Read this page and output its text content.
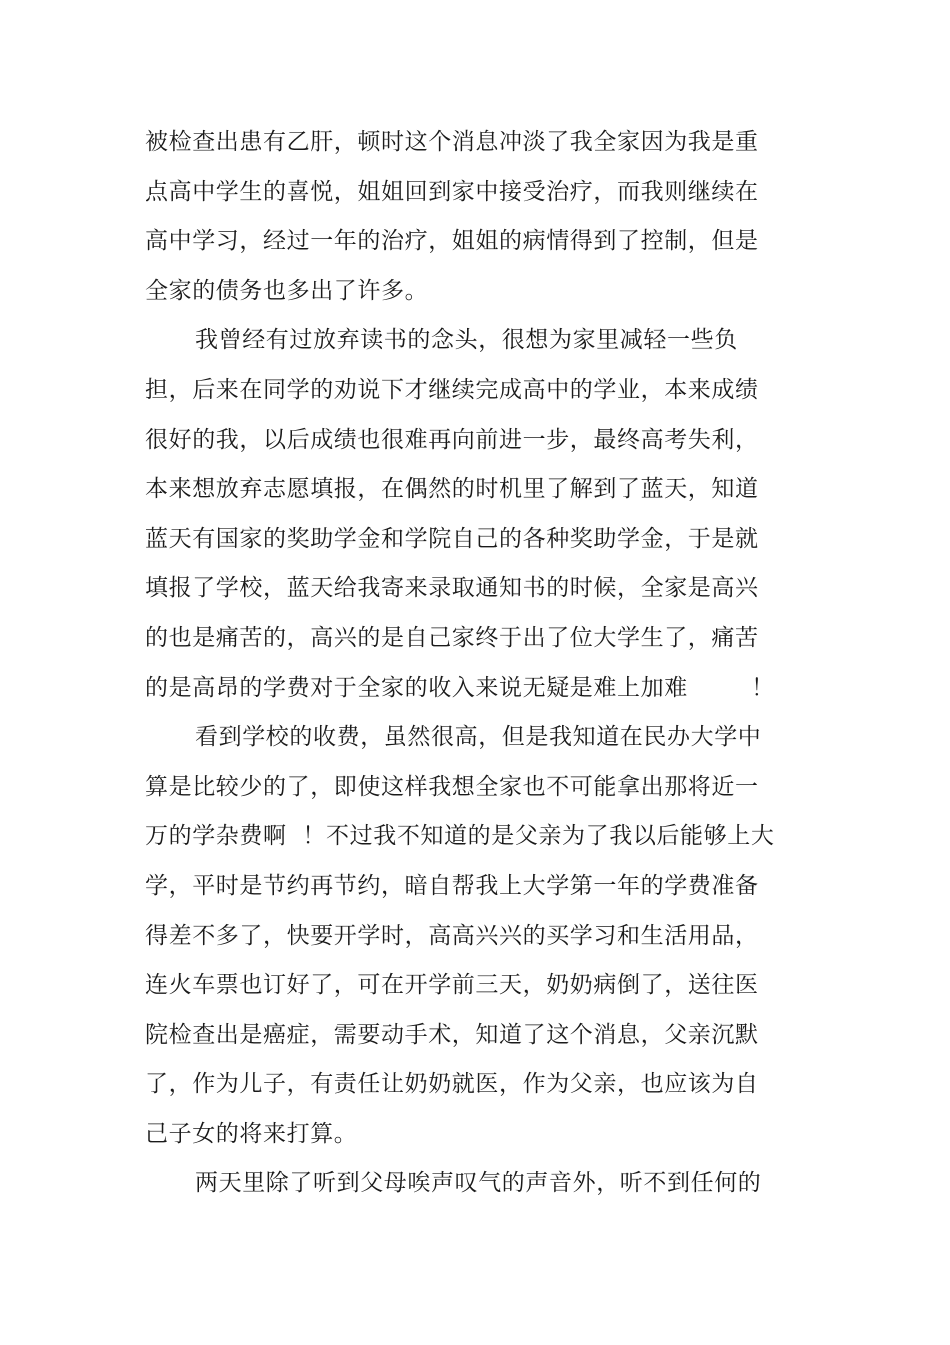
被检查出患有乙肝，顿时这个消息冲淡了我全家因为我是重
点高中学生的喜悦，姐姐回到家中接受治疗，而我则继续在
高中学习，经过一年的治疗，姐姐的病情得到了控制，但是
全家的债务也多出了许多。
我曾经有过放弃读书的念头，很想为家里减轻一些负
担，后来在同学的劝说下才继续完成高中的学业，本来成绩
很好的我，以后成绩也很难再向前进一步，最终高考失利，
本来想放弃志愿填报，在偶然的时机里了解到了蓝天，知道
蓝天有国家的奖助学金和学院自己的各种奖助学金，于是就
填报了学校，蓝天给我寄来录取通知书的时候，全家是高兴
的也是痛苦的，高兴的是自己家终于出了位大学生了，痛苦
的是高昂的学费对于全家的收入来说无疑是难上加难        ！
看到学校的收费，虽然很高，但是我知道在民办大学中
算是比较少的了，即使这样我想全家也不可能拿出那将近一
万的学杂费啊  ！不过我不知道的是父亲为了我以后能够上大
学，平时是节约再节约，暗自帮我上大学第一年的学费准备
得差不多了，快要开学时，高高兴兴的买学习和生活用品，
连火车票也订好了，可在开学前三天，奶奶病倒了，送往医
院检查出是癌症，需要动手术，知道了这个消息，父亲沉默
了，作为儿子，有责任让奶奶就医，作为父亲，也应该为自
己子女的将来打算。
两天里除了听到父母唉声叹气的声音外，听不到任何的
